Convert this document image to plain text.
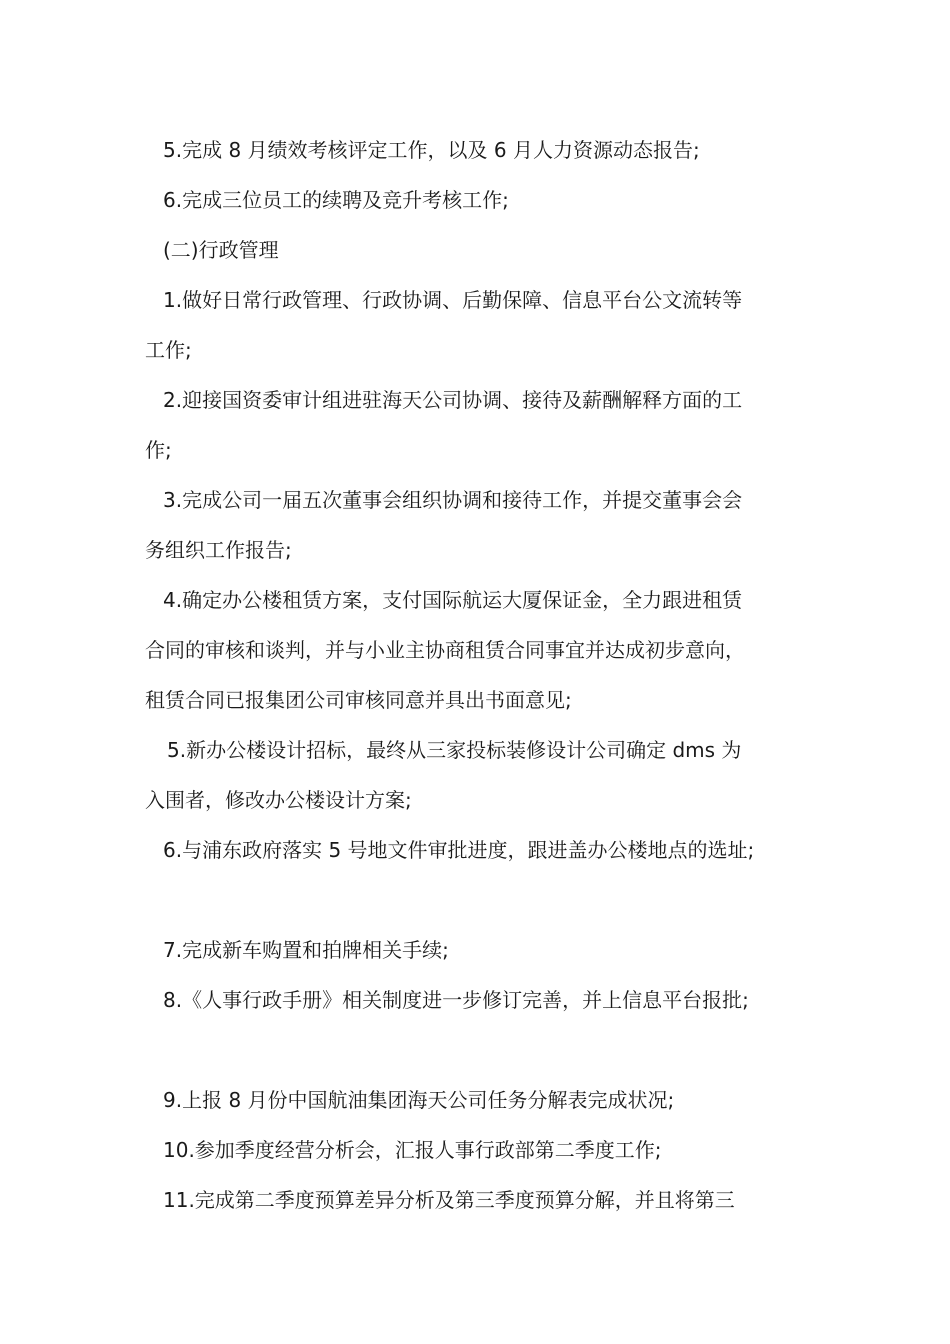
5.完成 8 月绩效考核评定工作，以及 6 月人力资源动态报告;
6.完成三位员工的续聘及竞升考核工作;
(二)行政管理
1.做好日常行政管理、行政协调、后勤保障、信息平台公文流转等
工作;
2.迎接国资委审计组进驻海天公司协调、接待及薪酬解释方面的工
作;
3.完成公司一届五次董事会组织协调和接待工作，并提交董事会会
务组织工作报告;
4.确定办公楼租赁方案，支付国际航运大厦保证金，全力跟进租赁
合同的审核和谈判，并与小业主协商租赁合同事宜并达成初步意向，
租赁合同已报集团公司审核同意并具出书面意见;
5.新办公楼设计招标，最终从三家投标装修设计公司确定 dms 为
入围者，修改办公楼设计方案;
6.与浦东政府落实 5 号地文件审批进度，跟进盖办公楼地点的选址;
7.完成新车购置和拍牌相关手续;
8.《人事行政手册》相关制度进一步修订完善，并上信息平台报批;
9.上报 8 月份中国航油集团海天公司任务分解表完成状况;
10.参加季度经营分析会，汇报人事行政部第二季度工作;
11.完成第二季度预算差异分析及第三季度预算分解，并且将第三
